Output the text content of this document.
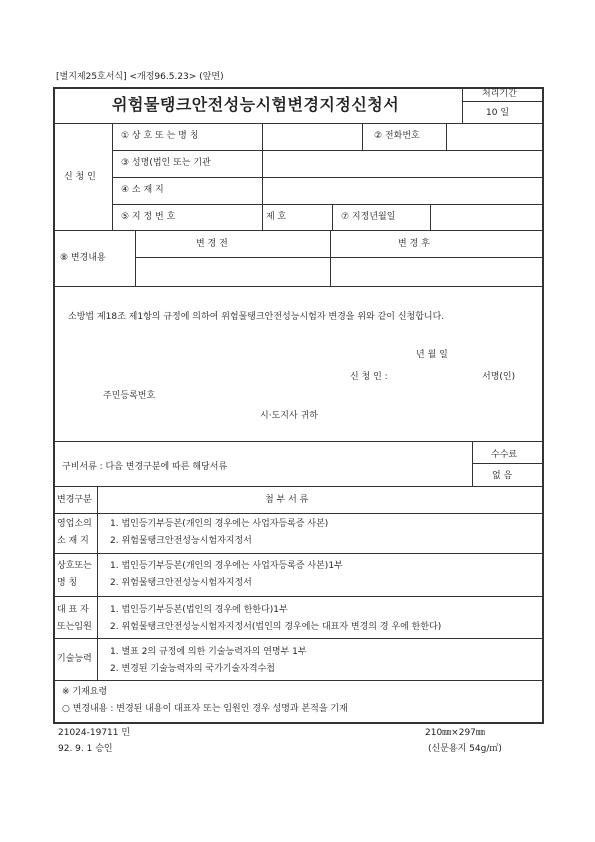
[별지제25호서식] <개정96.5.23> (앞면)
위험물탱크안전성능시험변경지정신청서
처리기간
10 일
신 청 인
① 상 호 또 는 명 칭	② 전화번호
③ 성명(법인 또는 기관
④ 소 재 지
⑤ 지 정 번 호	제 호	⑦ 지정년월일
⑧ 변경내용
변 경 전	변 경 후
소방법 제18조 제1항의 규정에 의하여 위험물탱크안전성능시험자 변경을 위와 같이 신청합니다.
년 월 일
신 청 인 :	서명(인)
주민등록번호
시·도지사 귀하
구비서류 : 다음 변경구분에 따른 해당서류
수수료
없 음
변경구분	첨 부 서 류
영업소의
소 재 지
1. 법인등기부등본(개인의 경우에는 사업자등록증 사본)
2. 위험물탱크안전성능시험자지정서
상호또는
명 칭
1. 법인등기부등본(개인의 경우에는 사업자등록증 사본)1부
2. 위험물탱크안전성능시험자지정서
대 표 자
또는임원
1. 법인등기부등본(법인의 경우에 한한다)1부
2. 위험물탱크안전성능시험자지정서(법인의 경우에는 대표자 변경의 경 우에 한한다)
기술능력
1. 별표 2의 규정에 의한 기술능력자의 연명부 1부
2. 변경된 기술능력자의 국가기술자격수첩
※ 기재요령
○ 변경내용 : 변경된 내용이 대표자 또는 임원인 경우 성명과 본적을 기재
21024-19711 민	210㎜×297㎜
92. 9. 1 승인	(신문용지 54g/㎡)
